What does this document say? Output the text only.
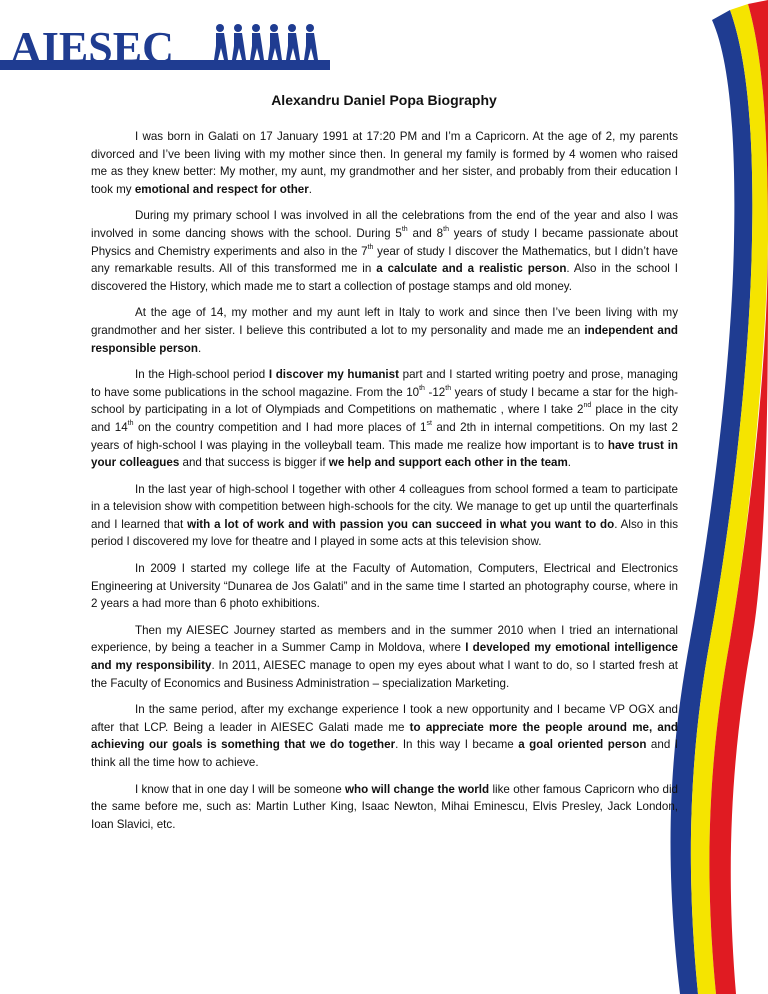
AIESEC
Alexandru Daniel Popa Biography

I was born in Galati on 17 January 1991 at 17:20 PM and I’m a Capricorn. At the age of 2, my parents divorced and I’ve been living with my mother since then. In general my family is formed by 4 women who raised me as they knew better: My mother, my aunt, my grandmother and her sister, and probably from their education I took my emotional and respect for other.

During my primary school I was involved in all the celebrations from the end of the year and also I was involved in some dancing shows with the school. During 5th and 8th years of study I became passionate about Physics and Chemistry experiments and also in the 7th year of study I discover the Mathematics, but I didn’t have any remarkable results. All of this transformed me in a calculate and a realistic person. Also in the school I discovered the History, which made me to start a collection of postage stamps and old money.

At the age of 14, my mother and my aunt left in Italy to work and since then I’ve been living with my grandmother and her sister. I believe this contributed a lot to my personality and made me an independent and responsible person.

In the High-school period I discover my humanist part and I started writing poetry and prose, managing to have some publications in the school magazine. From the 10th -12th years of study I became a star for the high-school by participating in a lot of Olympiads and Competitions on mathematic , where I take 2nd place in the city and 14th on the country competition and I had more places of 1st and 2th in internal competitions. On my last 2 years of high-school I was playing in the volleyball team. This made me realize how important is to have trust in your colleagues and that success is bigger if we help and support each other in the team.

In the last year of high-school I together with other 4 colleagues from school formed a team to participate in a television show with competition between high-schools for the city. We manage to get up until the quarterfinals and I learned that with a lot of work and with passion you can succeed in what you want to do. Also in this period I discovered my love for theatre and I played in some acts at this television show.

In 2009 I started my college life at the Faculty of Automation, Computers, Electrical and Electronics Engineering at University “Dunarea de Jos Galati” and in the same time I started an photography course, where in 2 years a had more than 6 photo exhibitions.

Then my AIESEC Journey started as members and in the summer 2010 when I tried an international experience, by being a teacher in a Summer Camp in Moldova, where I developed my emotional intelligence and my responsibility. In 2011, AIESEC manage to open my eyes about what I want to do, so I started fresh at the Faculty of Economics and Business Administration – specialization Marketing.

In the same period, after my exchange experience I took a new opportunity and I became VP OGX and after that LCP. Being a leader in AIESEC Galati made me to appreciate more the people around me, and achieving our goals is something that we do together. In this way I became a goal oriented person and I think all the time how to achieve.

I know that in one day I will be someone who will change the world like other famous Capricorn who did the same before me, such as: Martin Luther King, Isaac Newton, Mihai Eminescu, Elvis Presley, Jack London, Ioan Slavici, etc.
